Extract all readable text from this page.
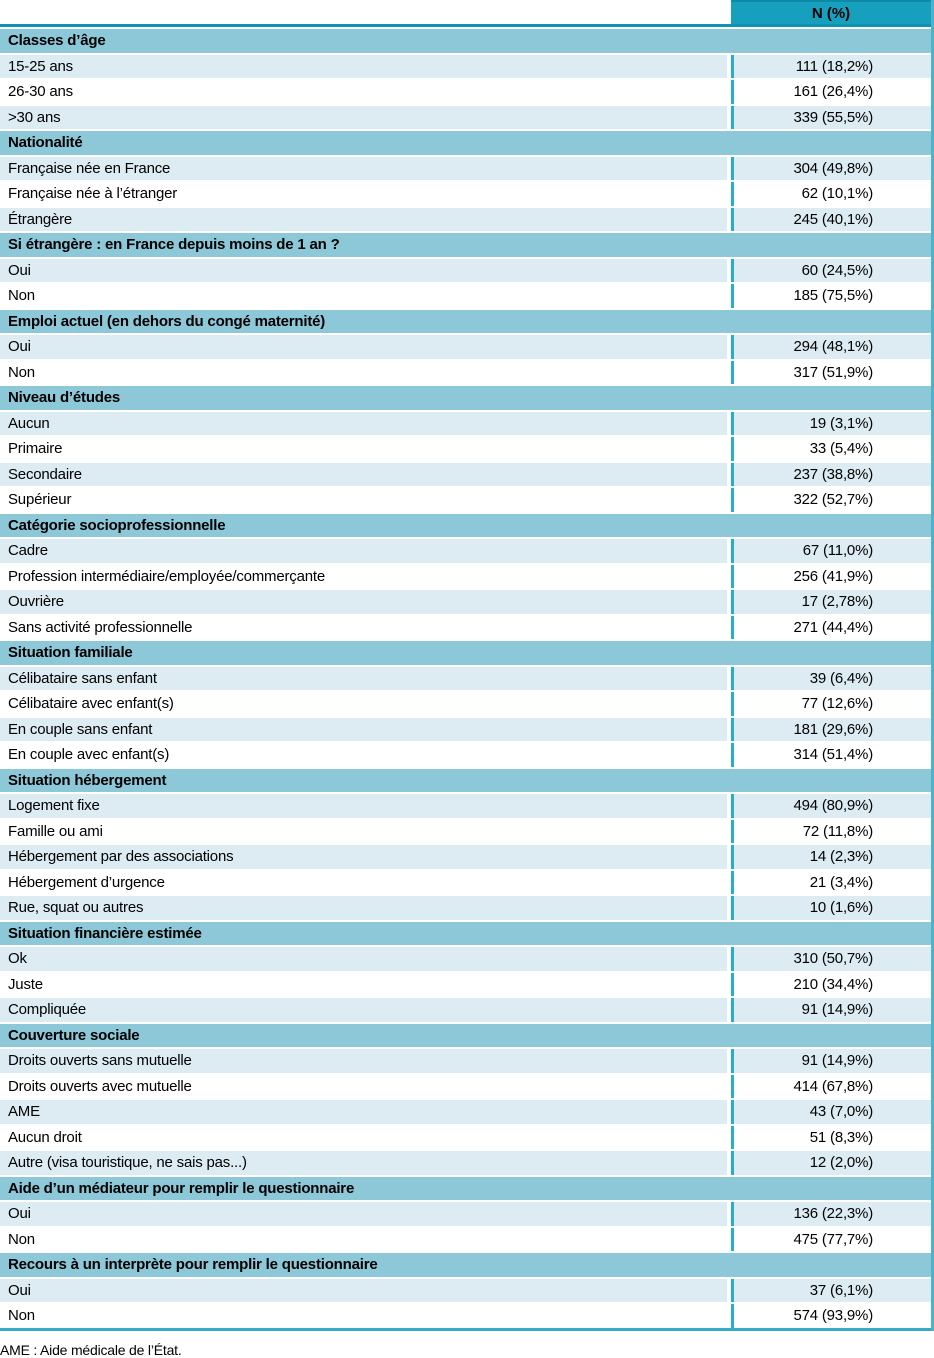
N (%)
Classes d’âge
15-25 ans	111 (18,2%)
26-30 ans	161 (26,4%)
>30 ans	339 (55,5%)
Nationalité
Française née en France	304 (49,8%)
Française née à l’étranger	62 (10,1%)
Étrangère	245 (40,1%)
Si étrangère : en France depuis moins de 1 an ?
Oui	60 (24,5%)
Non	185 (75,5%)
Emploi actuel (en dehors du congé maternité)
Oui	294 (48,1%)
Non	317 (51,9%)
Niveau d’études
Aucun	19 (3,1%)
Primaire	33 (5,4%)
Secondaire	237 (38,8%)
Supérieur	322 (52,7%)
Catégorie socioprofessionnelle
Cadre	67 (11,0%)
Profession intermédiaire/employée/commerçante	256 (41,9%)
Ouvrière	17 (2,78%)
Sans activité professionnelle	271 (44,4%)
Situation familiale
Célibataire sans enfant	39 (6,4%)
Célibataire avec enfant(s)	77 (12,6%)
En couple sans enfant	181 (29,6%)
En couple avec enfant(s)	314 (51,4%)
Situation hébergement
Logement fixe	494 (80,9%)
Famille ou ami	72 (11,8%)
Hébergement par des associations	14 (2,3%)
Hébergement d’urgence	21 (3,4%)
Rue, squat ou autres	10 (1,6%)
Situation financière estimée
Ok	310 (50,7%)
Juste	210 (34,4%)
Compliquée	91 (14,9%)
Couverture sociale
Droits ouverts sans mutuelle	91 (14,9%)
Droits ouverts avec mutuelle	414 (67,8%)
AME	43 (7,0%)
Aucun droit	51 (8,3%)
Autre (visa touristique, ne sais pas...)	12 (2,0%)
Aide d’un médiateur pour remplir le questionnaire
Oui	136 (22,3%)
Non	475 (77,7%)
Recours à un interprète pour remplir le questionnaire
Oui	37 (6,1%)
Non	574 (93,9%)
AME : Aide médicale de l’État.
